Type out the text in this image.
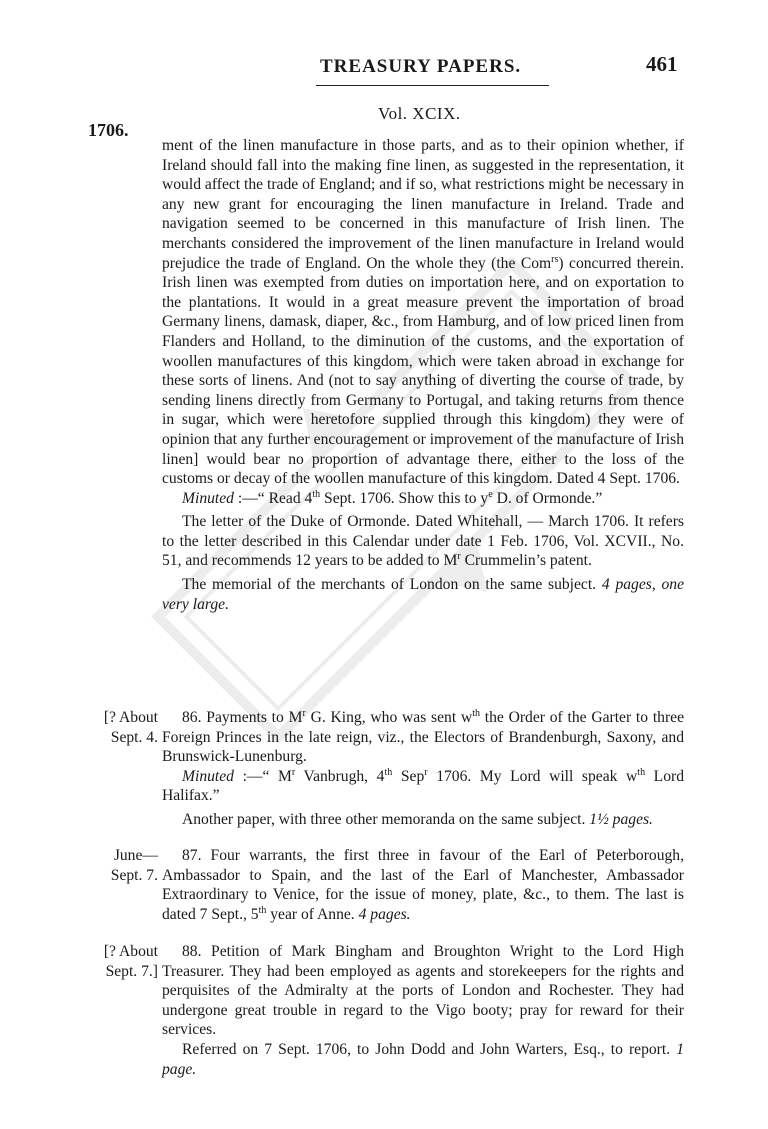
TREASURY PAPERS.	461
1706.
Vol. XCIX.

ment of the linen manufacture in those parts, and as to their opinion whether, if Ireland should fall into the making fine linen, as suggested in the representation, it would affect the trade of England; and if so, what restrictions might be necessary in any new grant for encouraging the linen manufacture in Ireland. Trade and navigation seemed to be concerned in this manufacture of Irish linen. The merchants considered the improvement of the linen manufacture in Ireland would prejudice the trade of England. On the whole they (the Com$^{rs}$) concurred therein. Irish linen was exempted from duties on importation here, and on exportation to the plantations. It would in a great measure prevent the importation of broad Germany linens, damask, diaper, &c., from Hamburg, and of low priced linen from Flanders and Holland, to the diminution of the customs, and the exportation of woollen manufactures of this kingdom, which were taken abroad in exchange for these sorts of linens. And (not to say anything of diverting the course of trade, by sending linens directly from Germany to Portugal, and taking returns from thence in sugar, which were heretofore supplied through this kingdom) they were of opinion that any further encouragement or improvement of the manufacture of Irish linen] would bear no proportion of advantage there, either to the loss of the customs or decay of the woollen manufacture of this kingdom. Dated 4 Sept. 1706.

Minuted :—“ Read 4th Sept. 1706. Show this to $y^e$ D. of Ormonde.”

The letter of the Duke of Ormonde. Dated Whitehall, — March 1706. It refers to the letter described in this Calendar under date 1 Feb. 1706, Vol. XCVII., No. 51, and recommends 12 years to be added to $M^r$ Crummelin’s patent.

The memorial of the merchants of London on the same subject. 4 pages, one very large.

[? About
Sept. 4.

86. Payments to $M^r$ G. King, who was sent $w^{th}$ the Order of the Garter to three Foreign Princes in the late reign, viz., the Electors of Brandenburgh, Saxony, and Brunswick-Lunenburg.

Minuted :—“ $M^r$ Vanbrugh, 4th Sep$^r$ 1706. My Lord will speak $w^{th}$ Lord Halifax.”

Another paper, with three other memoranda on the same subject. 1½ pages.

June—
Sept. 7.

87. Four warrants, the first three in favour of the Earl of Peterborough, Ambassador to Spain, and the last of the Earl of Manchester, Ambassador Extraordinary to Venice, for the issue of money, plate, &c., to them. The last is dated 7 Sept., 5th year of Anne. 4 pages.

[? About
Sept. 7.]

88. Petition of Mark Bingham and Broughton Wright to the Lord High Treasurer. They had been employed as agents and storekeepers for the rights and perquisites of the Admiralty at the ports of London and Rochester. They had undergone great trouble in regard to the Vigo booty; pray for reward for their services.

Referred on 7 Sept. 1706, to John Dodd and John Warters, Esq., to report. 1 page.
